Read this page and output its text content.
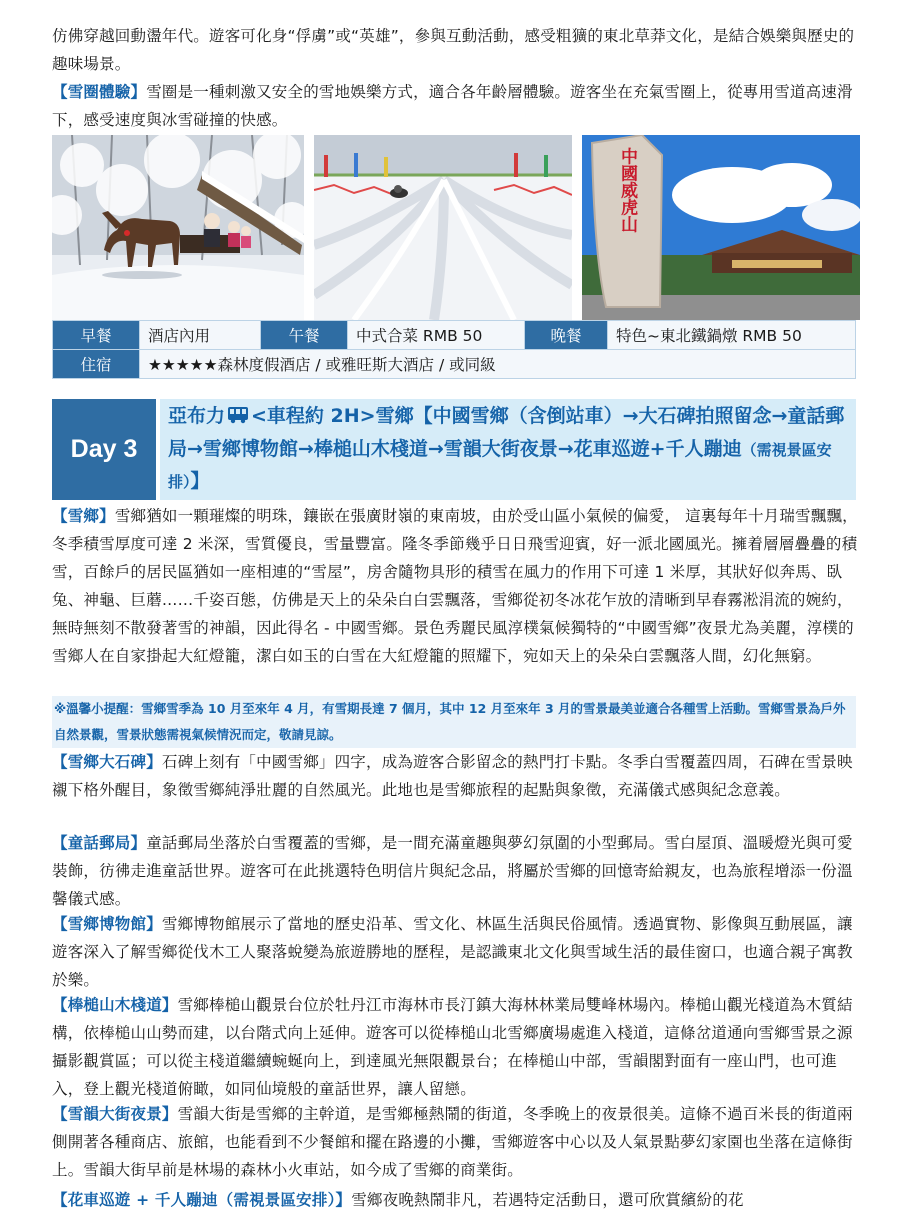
仿佛穿越回動盪年代。遊客可化身“俘虜”或“英雄”，參與互動活動，感受粗獷的東北草莽文化，是結合娛樂與歷史的趣味場景。

【雪圈體驗】雪圈是一種刺激又安全的雪地娛樂方式，適合各年齡層體驗。遊客坐在充氣雪圈上，從專用雪道高速滑下，感受速度與冰雪碰撞的快感。

中國威虎山
早餐	酒店內用	午餐	中式合菜 RMB 50	晚餐	特色~東北鐵鍋燉 RMB 50
住宿	★★★★★森林度假酒店 / 或雅旺斯大酒店 / 或同級				
Day 3
亞布力 <車程約 2H>雪鄉【中國雪鄉（含倒站車）→大石碑拍照留念→童話郵局→雪鄉博物館→棒槌山木棧道→雪韻大街夜景→花車巡遊+千人蹦迪（需視景區安排）】

【雪鄉】雪鄉猶如一顆璀燦的明珠，鑲嵌在張廣財嶺的東南坡，由於受山區小氣候的偏愛， 這裏每年十月瑞雪飄飄，冬季積雪厚度可達 2 米深，雪質優良，雪量豐富。隆冬季節幾乎日日飛雪迎賓，好一派北國風光。擁着層層疊疊的積雪，百餘戶的居民區猶如一座相連的“雪屋”，房舍隨物具形的積雪在風力的作用下可達 1 米厚，其狀好似奔馬、臥兔、神龜、巨蘑……千姿百態，仿佛是天上的朵朵白白雲飄落，雪鄉從初冬冰花乍放的清晰到早春霧淞涓流的婉約，無時無刻不散發著雪的神韻，因此得名 - 中國雪鄉。景色秀麗民風淳樸氣候獨特的“中國雪鄉”夜景尤為美麗，淳樸的雪鄉人在自家掛起大紅燈籠，潔白如玉的白雪在大紅燈籠的照耀下，宛如天上的朵朵白雲飄落人間，幻化無窮。

※溫馨小提醒：雪鄉雪季為 10 月至來年 4 月，有雪期長達 7 個月，其中 12 月至來年 3 月的雪景最美並適合各種雪上活動。雪鄉雪景為戶外自然景觀，雪景狀態需視氣候情況而定，敬請見諒。

【雪鄉大石碑】石碑上刻有「中國雪鄉」四字，成為遊客合影留念的熱門打卡點。冬季白雪覆蓋四周，石碑在雪景映襯下格外醒目，象徵雪鄉純淨壯麗的自然風光。此地也是雪鄉旅程的起點與象徵，充滿儀式感與紀念意義。

【童話郵局】童話郵局坐落於白雪覆蓋的雪鄉，是一間充滿童趣與夢幻氛圍的小型郵局。雪白屋頂、溫暖燈光與可愛裝飾，彷彿走進童話世界。遊客可在此挑選特色明信片與紀念品，將屬於雪鄉的回憶寄給親友，也為旅程增添一份溫馨儀式感。

【雪鄉博物館】雪鄉博物館展示了當地的歷史沿革、雪文化、林區生活與民俗風情。透過實物、影像與互動展區，讓遊客深入了解雪鄉從伐木工人聚落蛻變為旅遊勝地的歷程，是認識東北文化與雪域生活的最佳窗口，也適合親子寓教於樂。

【棒槌山木棧道】雪鄉棒槌山觀景台位於牡丹江市海林市長汀鎮大海林林業局雙峰林場內。棒槌山觀光棧道為木質結構，依棒槌山山勢而建，以台階式向上延伸。遊客可以從棒槌山北雪鄉廣場處進入棧道，這條岔道通向雪鄉雪景之源攝影觀賞區；可以從主棧道繼續蜿蜒向上，到達風光無限觀景台；在棒槌山中部，雪韻閣對面有一座山門，也可進入，登上觀光棧道俯瞰，如同仙境般的童話世界，讓人留戀。

【雪韻大街夜景】雪韻大街是雪鄉的主幹道，是雪鄉極熱鬧的街道，冬季晚上的夜景很美。這條不過百米長的街道兩側開著各種商店、旅館，也能看到不少餐館和擺在路邊的小攤，雪鄉遊客中心以及人氣景點夢幻家園也坐落在這條街上。雪韻大街早前是林場的森林小火車站，如今成了雪鄉的商業街。

【花車巡遊 + 千人蹦迪（需視景區安排）】雪鄉夜晚熱鬧非凡，若遇特定活動日，還可欣賞繽紛的花
